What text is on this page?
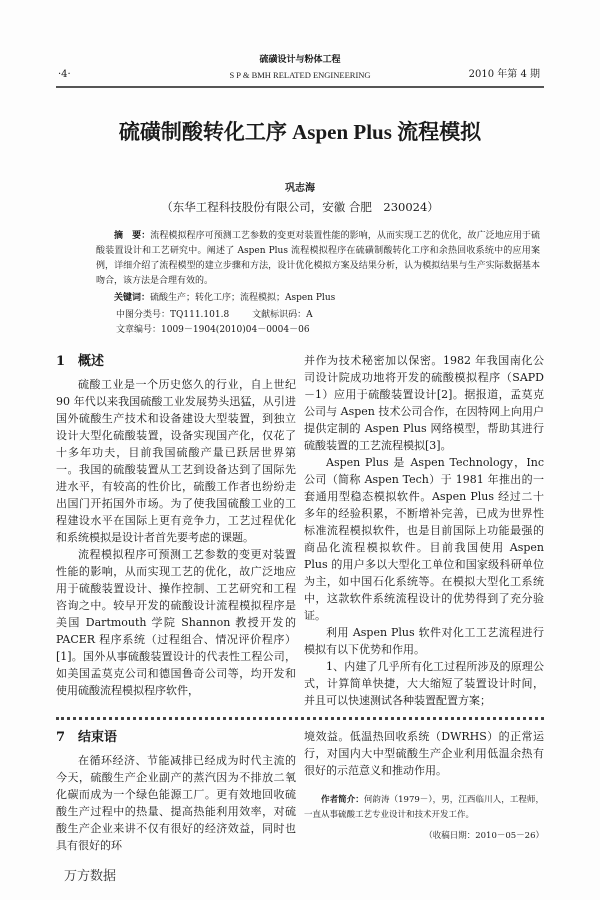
硫磺设计与粉体工程
·4·	S P & BMH RELATED ENGINEERING	2010 年第 4 期
硫磺制酸转化工序 Aspen Plus 流程模拟
巩志海
（东华工程科技股份有限公司，安徽 合肥　230024）
摘　要：流程模拟程序可预测工艺参数的变更对装置性能的影响，从而实现工艺的优化，故广泛地应用于硫酸装置设计和工艺研究中。阐述了 Aspen Plus 流程模拟程序在硫磺制酸转化工序和余热回收系统中的应用案例，详细介绍了流程模型的建立步骤和方法，设计优化模拟方案及结果分析，认为模拟结果与生产实际数据基本吻合，该方法是合理有效的。
关键词：硫酸生产；转化工序；流程模拟；Aspen Plus
中图分类号：TQ111.101.8	文献标识码：A 文章编号：1009－1904(2010)04－0004－06

1　概述

硫酸工业是一个历史悠久的行业，自上世纪 90 年代以来我国硫酸工业发展势头迅猛，从引进国外硫酸生产技术和设备建设大型装置，到独立设计大型化硫酸装置，设备实现国产化，仅花了十多年功夫，目前我国硫酸产量已跃居世界第一。我国的硫酸装置从工艺到设备达到了国际先进水平，有较高的性价比，硫酸工作者也纷纷走出国门开拓国外市场。为了使我国硫酸工业的工程建设水平在国际上更有竞争力，工艺过程优化和系统模拟是设计者首先要考虑的课题。

流程模拟程序可预测工艺参数的变更对装置性能的影响，从而实现工艺的优化，故广泛地应用于硫酸装置设计、操作控制、工艺研究和工程咨询之中。较早开发的硫酸设计流程模拟程序是美国 Dartmouth 学院 Shannon 教授开发的 PACER 程序系统（过程组合、情况评价程序）[1]。国外从事硫酸装置设计的代表性工程公司，如美国孟莫克公司和德国鲁奇公司等，均开发和使用硫酸流程模拟程序软件，

并作为技术秘密加以保密。1982 年我国南化公司设计院成功地将开发的硫酸模拟程序（SAPD－1）应用于硫酸装置设计[2]。据报道，孟莫克公司与 Aspen 技术公司合作，在因特网上向用户提供定制的 Aspen Plus 网络模型，帮助其进行硫酸装置的工艺流程模拟[3]。

Aspen Plus 是 Aspen Technology，Inc 公司（简称 Aspen Tech）于 1981 年推出的一套通用型稳态模拟软件。Aspen Plus 经过二十多年的经验积累，不断增补完善，已成为世界性标准流程模拟软件，也是目前国际上功能最强的商品化流程模拟软件。目前我国使用 Aspen Plus 的用户多以大型化工单位和国家级科研单位为主，如中国石化系统等。在模拟大型化工系统中，这款软件系统流程设计的优势得到了充分验证。

利用 Aspen Plus 软件对化工工艺流程进行模拟有以下优势和作用。

1、内建了几乎所有化工过程所涉及的原理公式，计算简单快捷，大大缩短了装置设计时间，并且可以快速测试各种装置配置方案；

7　结束语

在循环经济、节能减排已经成为时代主流的今天，硫酸生产企业副产的蒸汽因为不排放二氧化碳而成为一个绿色能源工厂。更有效地回收硫酸生产过程中的热量、提高热能利用效率，对硫酸生产企业来讲不仅有很好的经济效益，同时也具有很好的环

境效益。低温热回收系统（DWRHS）的正常运行，对国内大中型硫酸生产企业利用低温余热有很好的示范意义和推动作用。

作者简介：何韵涛（1979－），男，江西临川人，工程师，一直从事硫酸工艺专业设计和技术开发工作。
（收稿日期：2010－05－26）
万方数据
